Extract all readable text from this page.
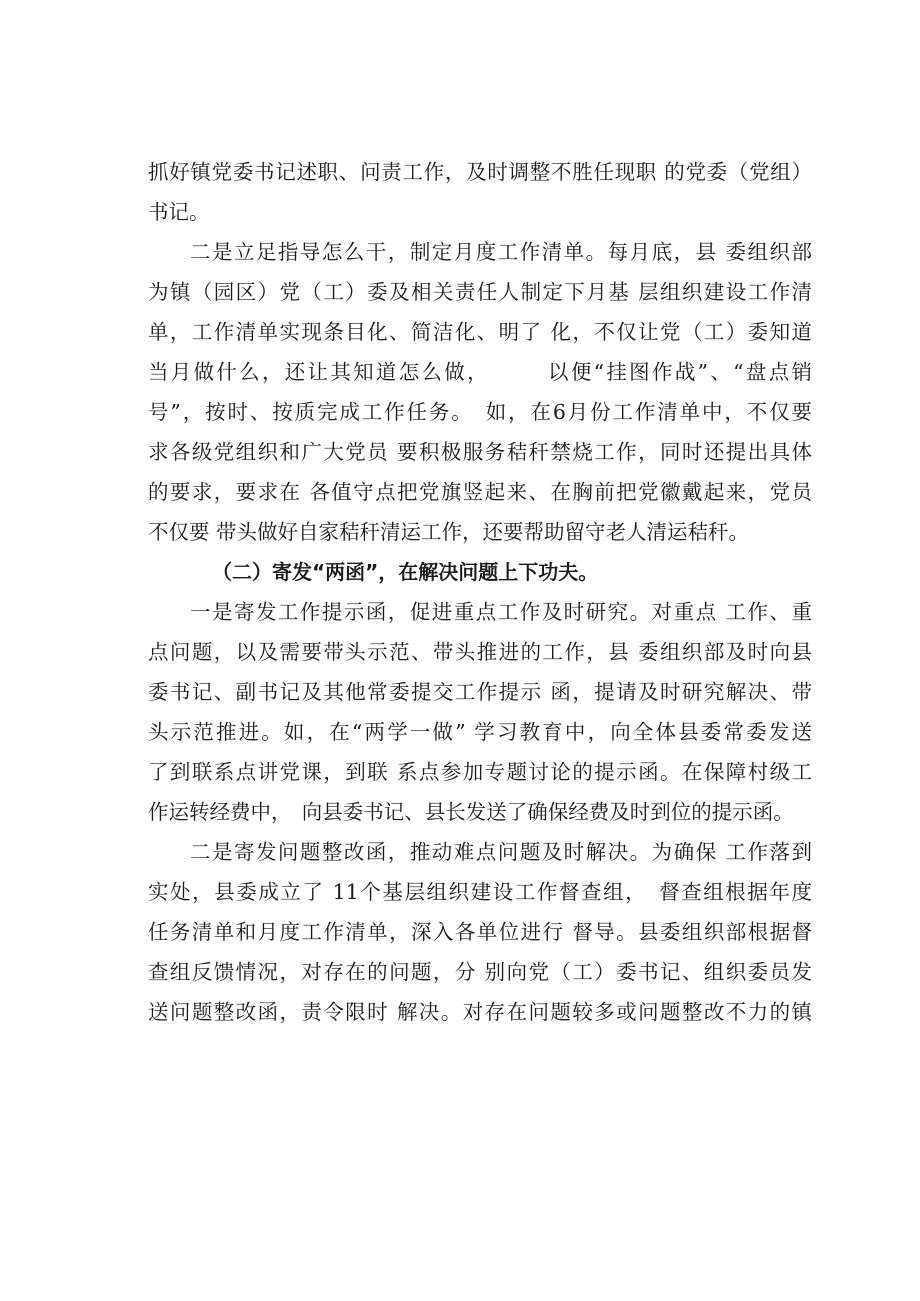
抓好镇党委书记述职、问责工作，及时调整不胜任现职 的党委（党组）
书记。
二是立足指导怎么干，制定月度工作清单。每月底，县 委组织部
为镇（园区）党（工）委及相关责任人制定下月基 层组织建设工作清
单，工作清单实现条目化、简洁化、明了 化，不仅让党（工）委知道
当月做什么，还让其知道怎么做，　　　以便“挂图作战”、“盘点销
号”，按时、按质完成工作任务。　如，在6月份工作清单中，不仅要
求各级党组织和广大党员 要积极服务秸秆禁烧工作，同时还提出具体
的要求，要求在 各值守点把党旗竖起来、在胸前把党徽戴起来，党员
不仅要 带头做好自家秸秆清运工作，还要帮助留守老人清运秸秆。
（二）寄发“两函”，在解决问题上下功夫。
一是寄发工作提示函，促进重点工作及时研究。对重点 工作、重
点问题，以及需要带头示范、带头推进的工作，县 委组织部及时向县
委书记、副书记及其他常委提交工作提示 函，提请及时研究解决、带
头示范推进。如，在“两学一做” 学习教育中，向全体县委常委发送
了到联系点讲党课，到联 系点参加专题讨论的提示函。在保障村级工
作运转经费中，　向县委书记、县长发送了确保经费及时到位的提示函。
二是寄发问题整改函，推动难点问题及时解决。为确保 工作落到
实处，县委成立了 11个基层组织建设工作督查组，　督查组根据年度
任务清单和月度工作清单，深入各单位进行 督导。县委组织部根据督
查组反馈情况，对存在的问题，分 别向党（工）委书记、组织委员发
送问题整改函，责令限时 解决。对存在问题较多或问题整改不力的镇
